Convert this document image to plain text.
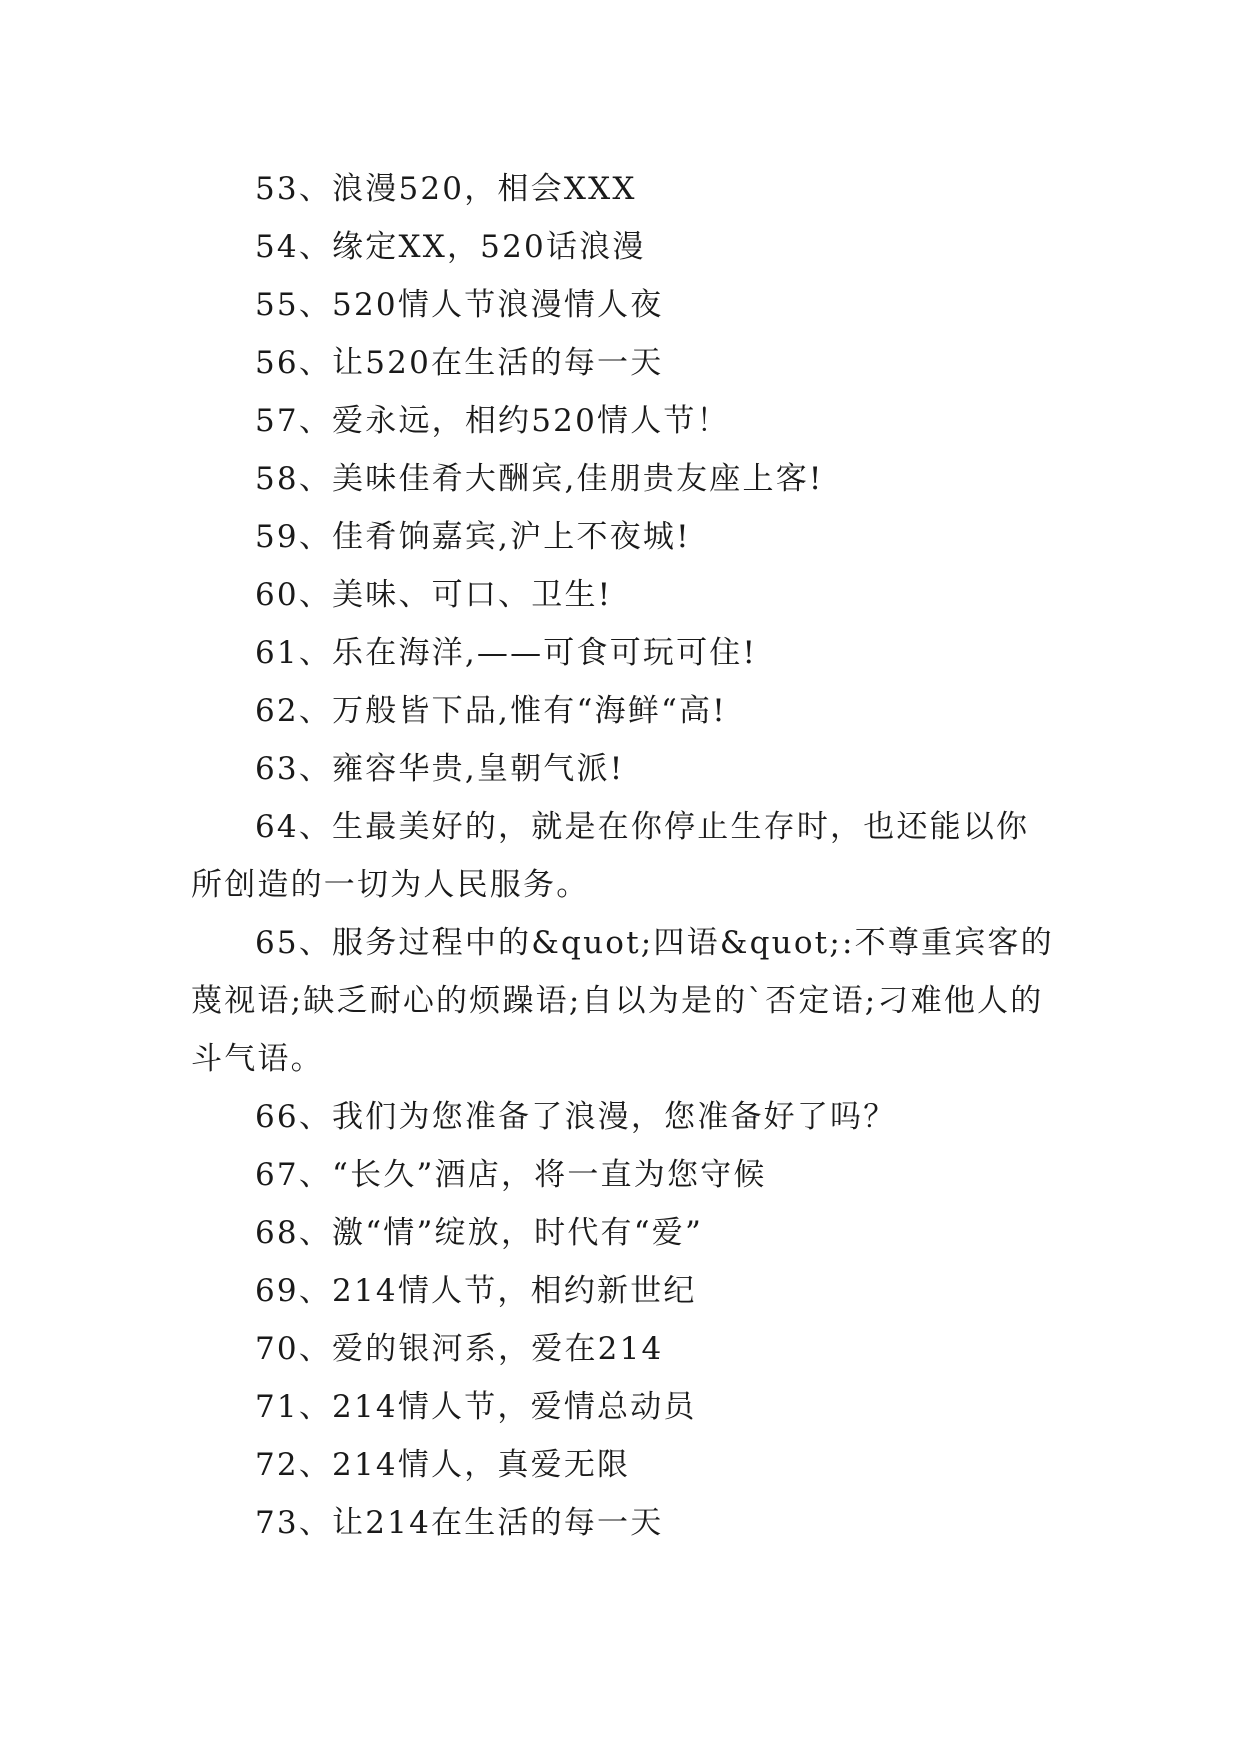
53、浪漫520，相会XXX

54、缘定XX，520话浪漫

55、520情人节浪漫情人夜

56、让520在生活的每一天

57、爱永远，相约520情人节！

58、美味佳肴大酬宾,佳朋贵友座上客!

59、佳肴饷嘉宾,沪上不夜城!

60、美味、可口、卫生!

61、乐在海洋,——可食可玩可住!

62、万般皆下品,惟有“海鲜“高!

63、雍容华贵,皇朝气派!

64、生最美好的，就是在你停止生存时，也还能以你所创造的一切为人民服务。

65、服务过程中的&quot;四语&quot;:不尊重宾客的蔑视语;缺乏耐心的烦躁语;自以为是的`否定语;刁难他人的斗气语。

66、我们为您准备了浪漫，您准备好了吗？

67、“长久”酒店，将一直为您守候

68、激“情”绽放，时代有“爱”

69、214情人节，相约新世纪

70、爱的银河系，爱在214

71、214情人节，爱情总动员

72、214情人，真爱无限

73、让214在生活的每一天
